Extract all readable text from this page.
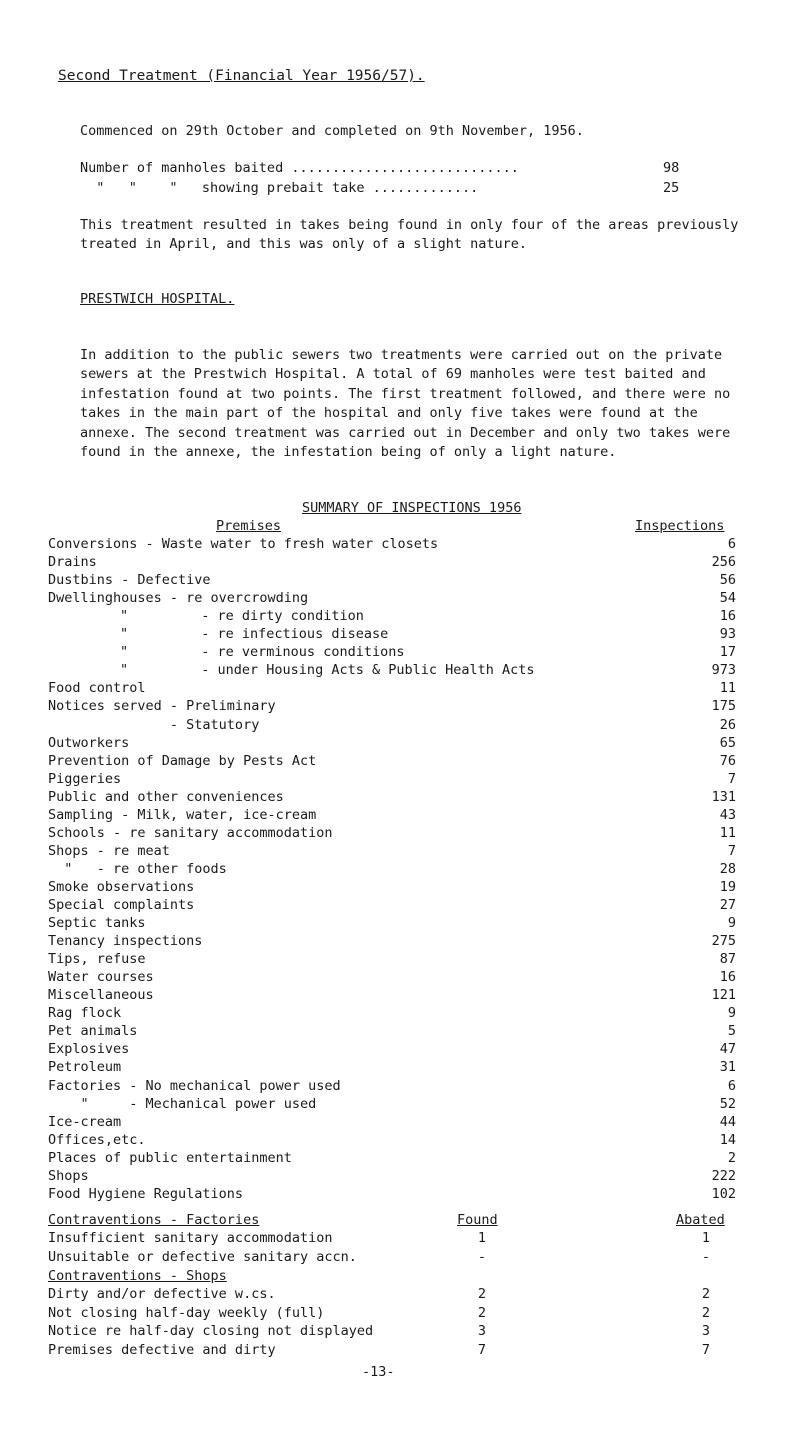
Second Treatment (Financial Year 1956/57).
Commenced on 29th October and completed on 9th November, 1956.
Number of manholes baited ............................	98
"   "    "   showing prebait take .............	25
This treatment resulted in takes being found in only four of the areas previously treated in April, and this was only of a slight nature.
PRESTWICH HOSPITAL.
In addition to the public sewers two treatments were carried out on the private sewers at the Prestwich Hospital. A total of 69 manholes were test baited and infestation found at two points. The first treatment followed, and there were no takes in the main part of the hospital and only five takes were found at the annexe. The second treatment was carried out in December and only two takes were found in the annexe, the infestation being of only a light nature.
SUMMARY OF INSPECTIONS 1956
Premises	Inspections
Conversions - Waste water to fresh water closets	6
Drains	256
Dustbins - Defective	56
Dwellinghouses - re overcrowding	54
"         - re dirty condition	16
"         - re infectious disease	93
"         - re verminous conditions	17
"         - under Housing Acts & Public Health Acts	973
Food control	11
Notices served - Preliminary	175
- Statutory	26
Outworkers	65
Prevention of Damage by Pests Act	76
Piggeries	7
Public and other conveniences	131
Sampling - Milk, water, ice-cream	43
Schools - re sanitary accommodation	11
Shops - re meat	7
"   - re other foods	28
Smoke observations	19
Special complaints	27
Septic tanks	9
Tenancy inspections	275
Tips, refuse	87
Water courses	16
Miscellaneous	121
Rag flock	9
Pet animals	5
Explosives	47
Petroleum	31
Factories - No mechanical power used	6
"     - Mechanical power used	52
Ice-cream	44
Offices,etc.	14
Places of public entertainment	2
Shops	222
Food Hygiene Regulations	102
Contraventions - Factories	Found	Abated
Insufficient sanitary accommodation	1	1
Unsuitable or defective sanitary accn.	-	-
Contraventions - Shops
Dirty and/or defective w.cs.	2	2
Not closing half-day weekly (full)	2	2
Notice re half-day closing not displayed	3	3
Premises defective and dirty	7	7
-13-
